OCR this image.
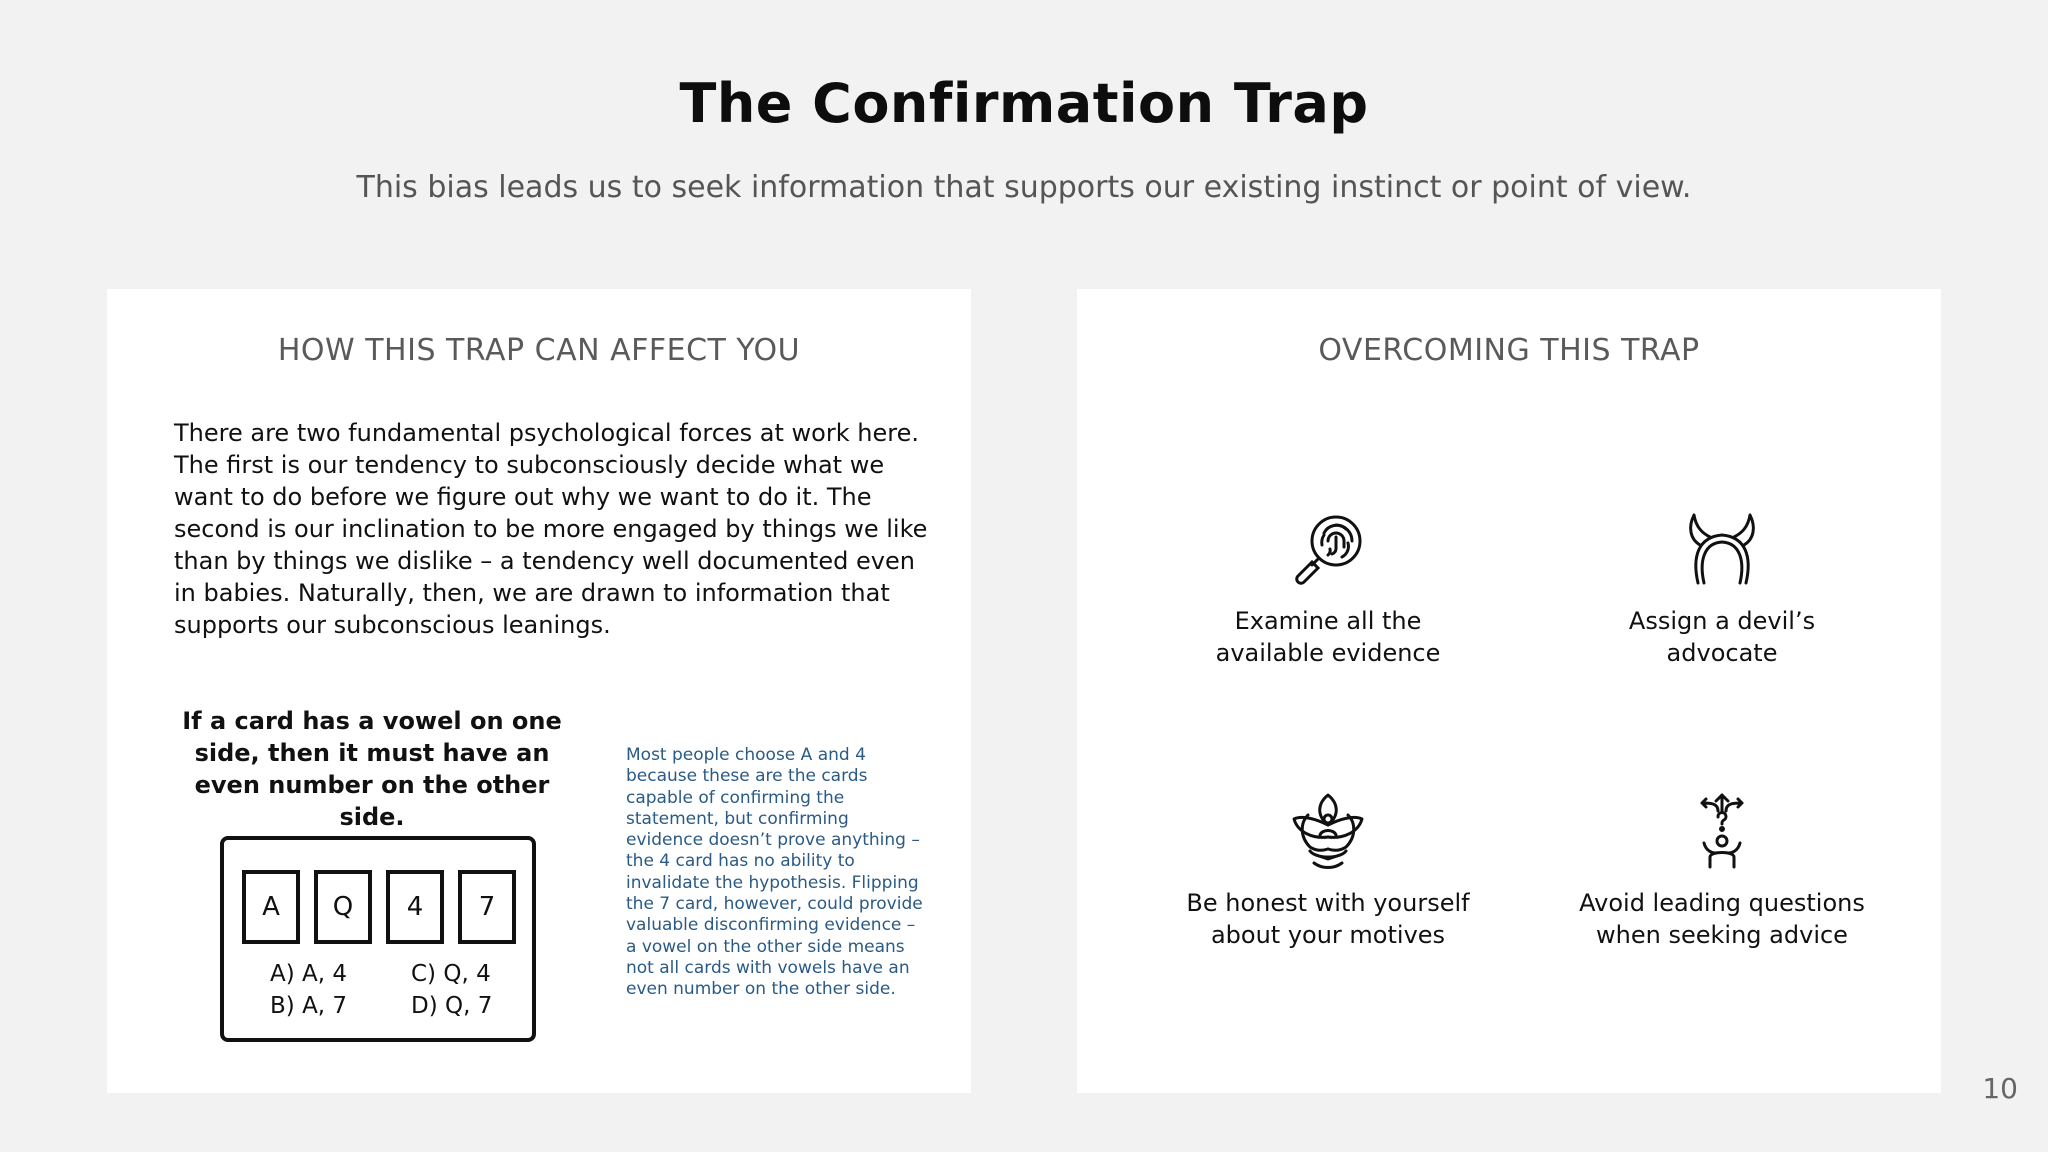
The Confirmation Trap
This bias leads us to seek information that supports our existing instinct or point of view.
HOW THIS TRAP CAN AFFECT YOU
There are two fundamental psychological forces at work here. The first is our tendency to subconsciously decide what we want to do before we figure out why we want to do it. The second is our inclination to be more engaged by things we like than by things we dislike – a tendency well documented even in babies. Naturally, then, we are drawn to information that supports our subconscious leanings.
If a card has a vowel on one side, then it must have an even number on the other side.
A	Q	4	7
A) A, 4
B) A, 7
C) Q, 4
D) Q, 7
Most people choose A and 4 because these are the cards capable of confirming the statement, but confirming evidence doesn’t prove anything – the 4 card has no ability to invalidate the hypothesis. Flipping the 7 card, however, could provide valuable disconfirming evidence – a vowel on the other side means not all cards with vowels have an even number on the other side.
OVERCOMING THIS TRAP
Examine all the available evidence
Assign a devil’s advocate
Be honest with yourself about your motives
Avoid leading questions when seeking advice
10
